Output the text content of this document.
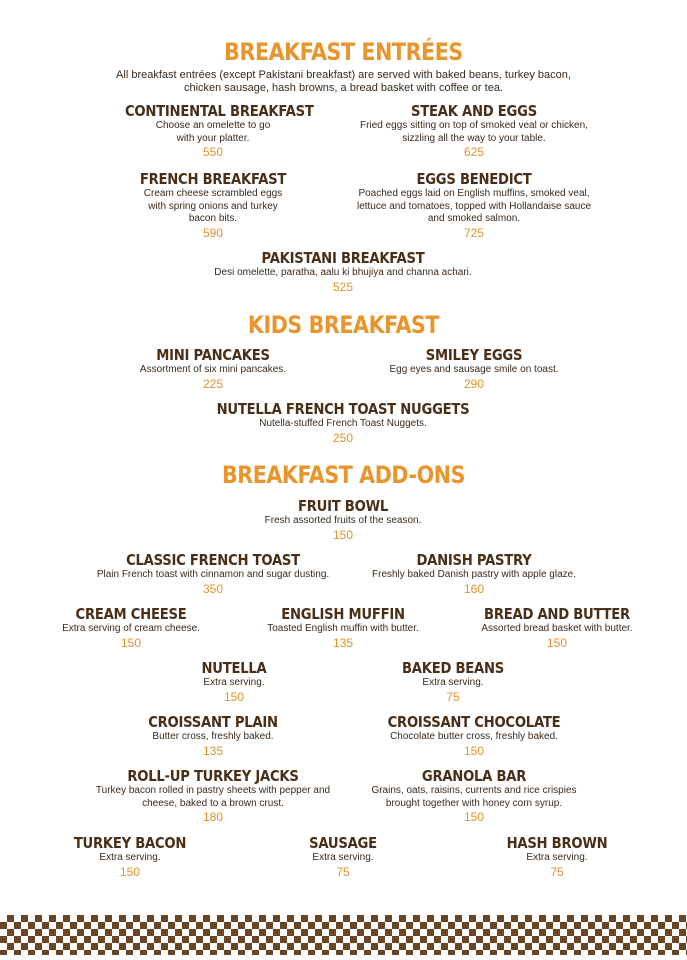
BREAKFAST ENTRÉES
All breakfast entrées (except Pakistani breakfast) are served with baked beans, turkey bacon, chicken sausage, hash browns, a bread basket with coffee or tea.
CONTINENTAL BREAKFAST
Choose an omelette to go with your platter.
550
STEAK AND EGGS
Fried eggs sitting on top of smoked veal or chicken, sizzling all the way to your table.
625
FRENCH BREAKFAST
Cream cheese scrambled eggs with spring onions and turkey bacon bits.
590
EGGS BENEDICT
Poached eggs laid on English muffins, smoked veal, lettuce and tomatoes, topped with Hollandaise sauce and smoked salmon.
725
PAKISTANI BREAKFAST
Desi omelette, paratha, aalu ki bhujiya and channa achari.
525
KIDS BREAKFAST
MINI PANCAKES
Assortment of six mini pancakes.
225
SMILEY EGGS
Egg eyes and sausage smile on toast.
290
NUTELLA FRENCH TOAST NUGGETS
Nutella-stuffed French Toast Nuggets.
250
BREAKFAST ADD-ONS
FRUIT BOWL
Fresh assorted fruits of the season.
150
CLASSIC FRENCH TOAST
Plain French toast with cinnamon and sugar dusting.
350
DANISH PASTRY
Freshly baked Danish pastry with apple glaze.
160
CREAM CHEESE
Extra serving of cream cheese.
150
ENGLISH MUFFIN
Toasted English muffin with butter.
135
BREAD AND BUTTER
Assorted bread basket with butter.
150
NUTELLA
Extra serving.
150
BAKED BEANS
Extra serving.
75
CROISSANT PLAIN
Butter cross, freshly baked.
135
CROISSANT CHOCOLATE
Chocolate butter cross, freshly baked.
150
ROLL-UP TURKEY JACKS
Turkey bacon rolled in pastry sheets with pepper and cheese, baked to a brown crust.
180
GRANOLA BAR
Grains, oats, raisins, currents and rice crispies brought together with honey corn syrup.
150
TURKEY BACON
Extra serving.
150
SAUSAGE
Extra serving.
75
HASH BROWN
Extra serving.
75
